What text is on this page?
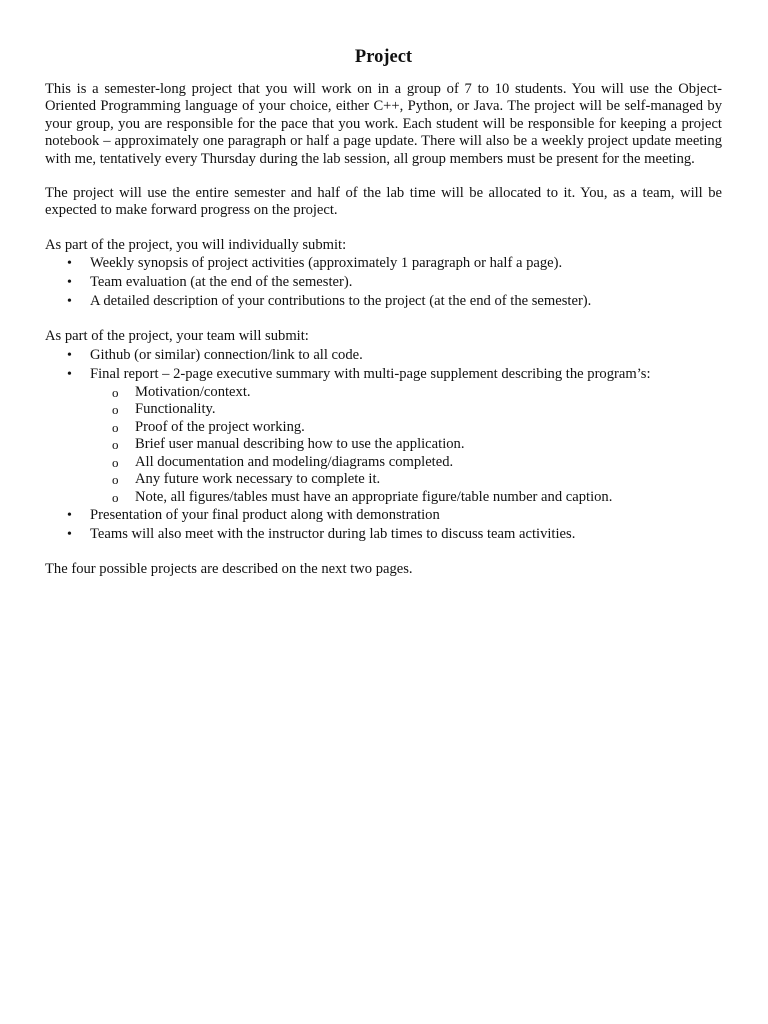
Project

This is a semester-long project that you will work on in a group of 7 to 10 students. You will use the Object-Oriented Programming language of your choice, either C++, Python, or Java. The project will be self-managed by your group, you are responsible for the pace that you work. Each student will be responsible for keeping a project notebook – approximately one paragraph or half a page update. There will also be a weekly project update meeting with me, tentatively every Thursday during the lab session, all group members must be present for the meeting.

The project will use the entire semester and half of the lab time will be allocated to it. You, as a team, will be expected to make forward progress on the project.

As part of the project, you will individually submit:
• Weekly synopsis of project activities (approximately 1 paragraph or half a page).
• Team evaluation (at the end of the semester).
• A detailed description of your contributions to the project (at the end of the semester).
As part of the project, your team will submit:
• Github (or similar) connection/link to all code.
• Final report – 2-page executive summary with multi-page supplement describing the program’s:
o Motivation/context.
o Functionality.
o Proof of the project working.
o Brief user manual describing how to use the application.
o All documentation and modeling/diagrams completed.
o Any future work necessary to complete it.
o Note, all figures/tables must have an appropriate figure/table number and caption.
• Presentation of your final product along with demonstration
• Teams will also meet with the instructor during lab times to discuss team activities.

The four possible projects are described on the next two pages.
